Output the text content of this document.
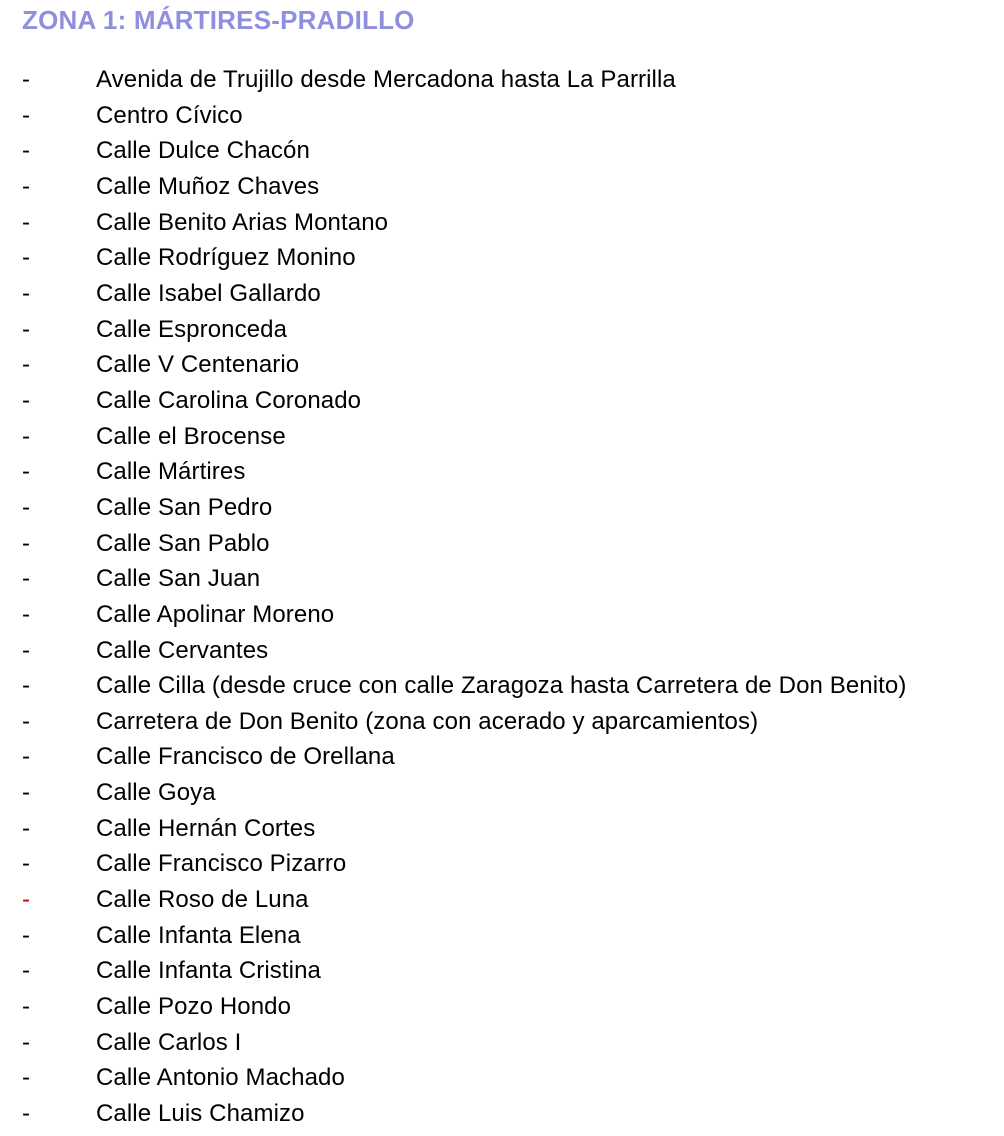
ZONA 1: MÁRTIRES-PRADILLO
-	Avenida de Trujillo desde Mercadona hasta La Parrilla
-	Centro Cívico
-	Calle Dulce Chacón
-	Calle Muñoz Chaves
-	Calle Benito Arias Montano
-	Calle Rodríguez Monino
-	Calle Isabel Gallardo
-	Calle Espronceda
-	Calle V Centenario
-	Calle Carolina Coronado
-	Calle el Brocense
-	Calle Mártires
-	Calle San Pedro
-	Calle San Pablo
-	Calle San Juan
-	Calle Apolinar Moreno
-	Calle Cervantes
-	Calle Cilla (desde cruce con calle Zaragoza hasta Carretera de Don Benito)
-	Carretera de Don Benito (zona con acerado y aparcamientos)
-	Calle Francisco de Orellana
-	Calle Goya
-	Calle Hernán Cortes
-	Calle Francisco Pizarro
-	Calle Roso de Luna
-	Calle Infanta Elena
-	Calle Infanta Cristina
-	Calle Pozo Hondo
-	Calle Carlos I
-	Calle Antonio Machado
-	Calle Luis Chamizo
